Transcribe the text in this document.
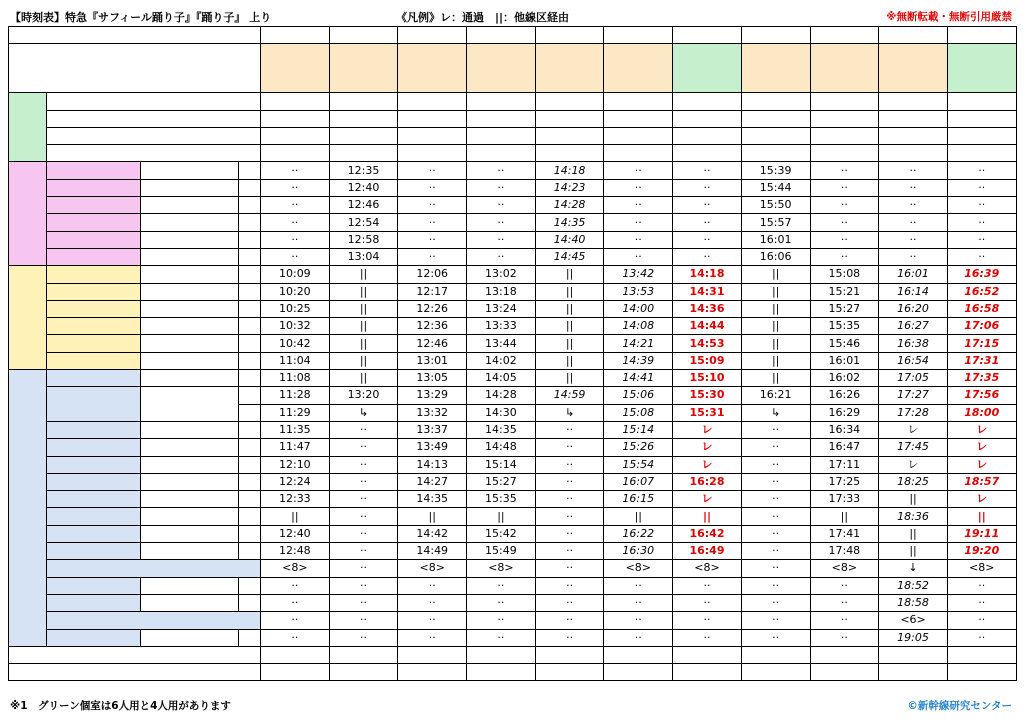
【時刻表】特急『サフィール踊り子』『踊り子』 上り	《凡例》レ：通過　||：他線区経由	※無断転載・無断引用厳禁

				··	12:35	··	··	14:18	··	··	15:39	··	··	··
				··	12:40	··	··	14:23	··	··	15:44	··	··	··
				··	12:46	··	··	14:28	··	··	15:50	··	··	··
				··	12:54	··	··	14:35	··	··	15:57	··	··	··
				··	12:58	··	··	14:40	··	··	16:01	··	··	··
				··	13:04	··	··	14:45	··	··	16:06	··	··	··
				10:09	||	12:06	13:02	||	13:42	14:18	||	15:08	16:01	16:39
				10:20	||	12:17	13:18	||	13:53	14:31	||	15:21	16:14	16:52
				10:25	||	12:26	13:24	||	14:00	14:36	||	15:27	16:20	16:58
				10:32	||	12:36	13:33	||	14:08	14:44	||	15:35	16:27	17:06
				10:42	||	12:46	13:44	||	14:21	14:53	||	15:46	16:38	17:15
				11:04	||	13:01	14:02	||	14:39	15:09	||	16:01	16:54	17:31
				11:08	||	13:05	14:05	||	14:41	15:10	||	16:02	17:05	17:35
				11:28	13:20	13:29	14:28	14:59	15:06	15:30	16:21	16:26	17:27	17:56
				11:29	↳	13:32	14:30	↳	15:08	15:31	↳	16:29	17:28	18:00
				11:35	··	13:37	14:35	··	15:14	レ	··	16:34	レ	レ
				11:47	··	13:49	14:48	··	15:26	レ	··	16:47	17:45	レ
				12:10	··	14:13	15:14	··	15:54	レ	··	17:11	レ	レ
				12:24	··	14:27	15:27	··	16:07	16:28	··	17:25	18:25	18:57
				12:33	··	14:35	15:35	··	16:15	レ	··	17:33	||	レ
				||	··	||	||	··	||	||	··	||	18:36	||
				12:40	··	14:42	15:42	··	16:22	16:42	··	17:41	||	19:11
				12:48	··	14:49	15:49	··	16:30	16:49	··	17:48	||	19:20
				<8>	··	<8>	<8>	··	<8>	<8>	··	<8>	↓	<8>
				··	··	··	··	··	··	··	··	··	18:52	··
				··	··	··	··	··	··	··	··	··	18:58	··
				··	··	··	··	··	··	··	··	··	<6>	··
				··	··	··	··	··	··	··	··	··	19:05	··

※1　グリーン個室は6人用と4人用があります	©新幹線研究センター
